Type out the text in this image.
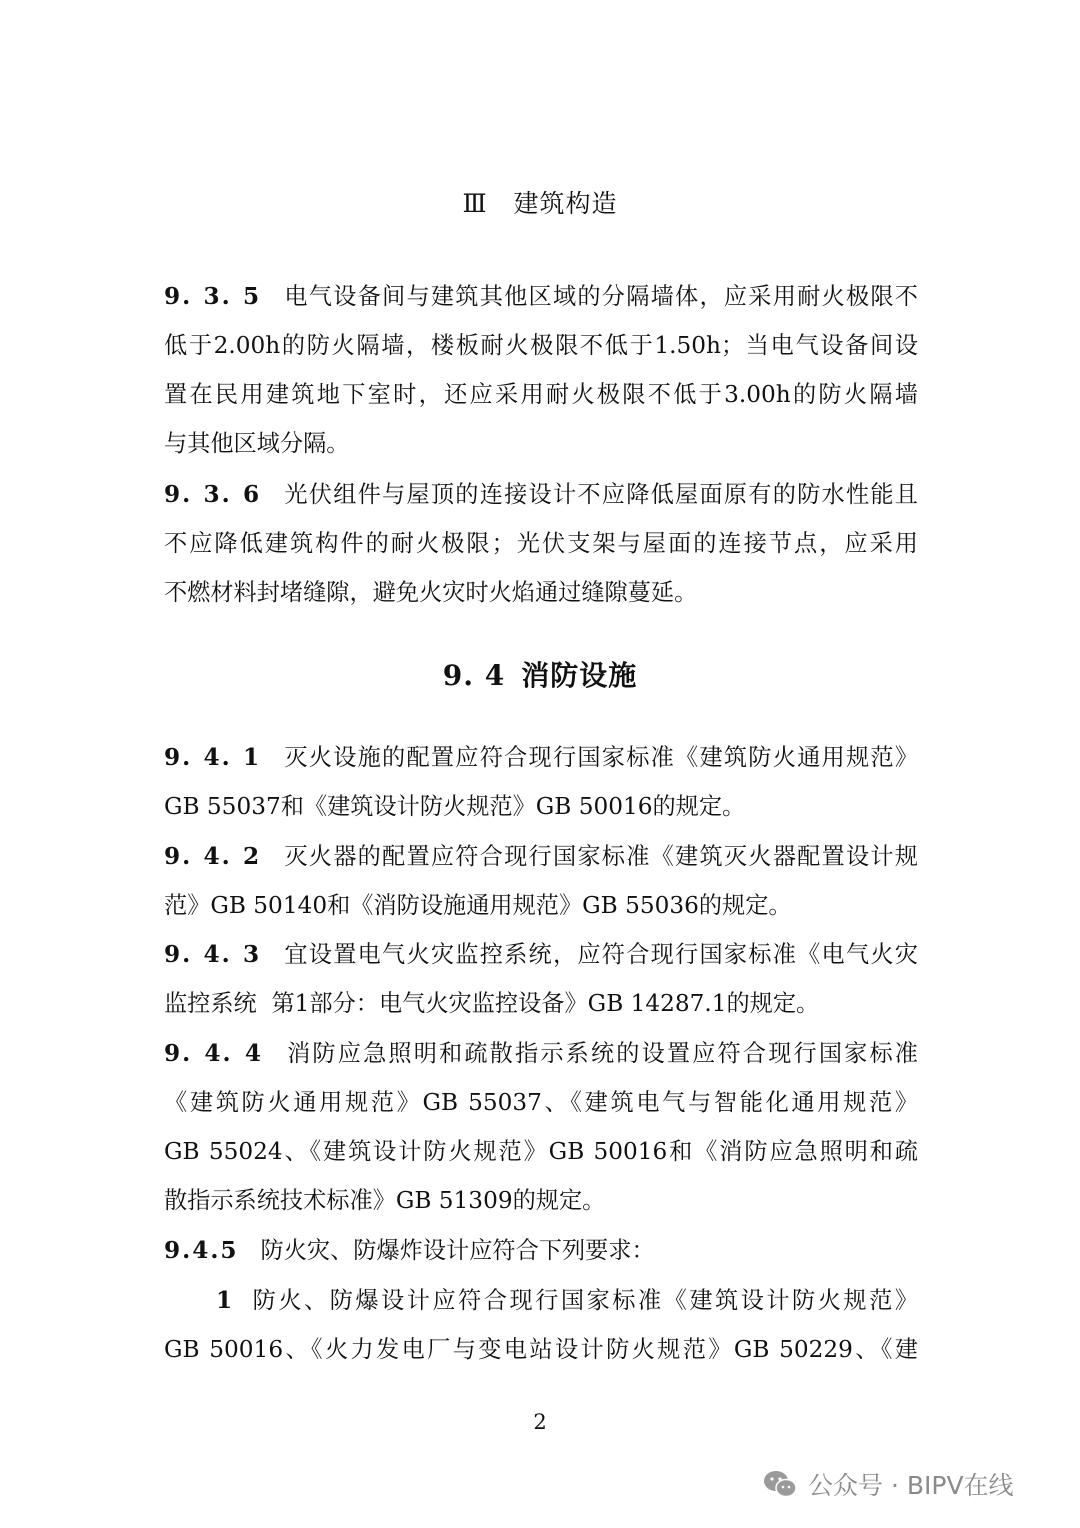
Ⅲ 建筑构造
9. 3. 5 电气设备间与建筑其他区域的分隔墙体，应采用耐火极限不
低于2.00h的防火隔墙，楼板耐火极限不低于1.50h；当电气设备间设
置在民用建筑地下室时，还应采用耐火极限不低于3.00h的防火隔墙
与其他区域分隔。
9. 3. 6 光伏组件与屋顶的连接设计不应降低屋面原有的防水性能且
不应降低建筑构件的耐火极限；光伏支架与屋面的连接节点，应采用
不燃材料封堵缝隙，避免火灾时火焰通过缝隙蔓延。
9. 4 消防设施
9. 4. 1 灭火设施的配置应符合现行国家标准《建筑防火通用规范》
GB 55037和《建筑设计防火规范》GB 50016的规定。
9. 4. 2 灭火器的配置应符合现行国家标准《建筑灭火器配置设计规
范》GB 50140和《消防设施通用规范》GB 55036的规定。
9. 4. 3 宜设置电气火灾监控系统，应符合现行国家标准《电气火灾
监控系统  第1部分：电气火灾监控设备》GB 14287.1的规定。
9. 4. 4 消防应急照明和疏散指示系统的设置应符合现行国家标准
《建筑防火通用规范》GB 55037、《建筑电气与智能化通用规范》
GB 55024、《建筑设计防火规范》GB 50016和《消防应急照明和疏
散指示系统技术标准》GB 51309的规定。
9.4.5 防火灾、防爆炸设计应符合下列要求：
1 防火、防爆设计应符合现行国家标准《建筑设计防火规范》
GB 50016、《火力发电厂与变电站设计防火规范》GB 50229、《建
2
公众号 · BIPV在线
